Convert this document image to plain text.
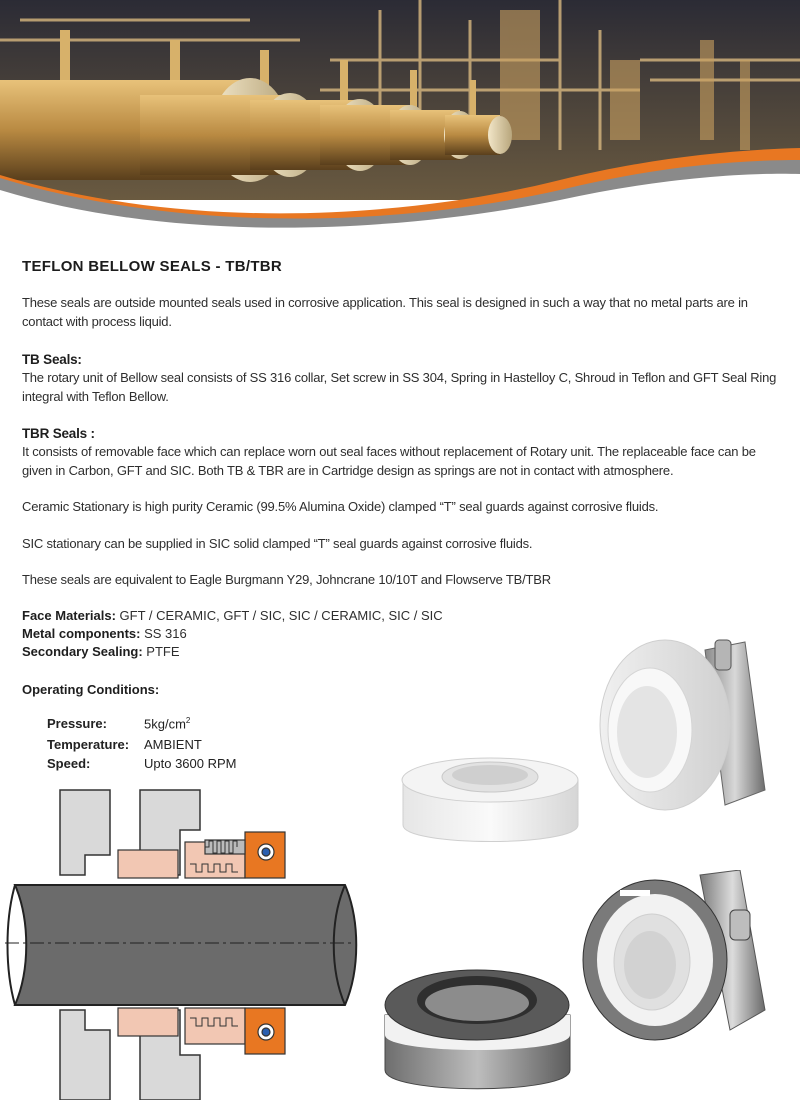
TEFLON BELLOW SEALS - TB/TBR

These seals are outside mounted seals used in corrosive application. This seal is designed in such a way that no metal parts are in contact with process liquid.

TB Seals:

The rotary unit of Bellow seal consists of SS 316 collar, Set screw in SS 304, Spring in Hastelloy C, Shroud in Teflon and GFT Seal Ring integral with Teflon Bellow.

TBR Seals :

It consists of removable face which can replace worn out seal faces without replacement of Rotary unit. The replaceable face can be given in Carbon, GFT and SIC. Both TB & TBR are in Cartridge design as springs are not in contact with atmosphere.

Ceramic Stationary is high purity Ceramic (99.5% Alumina Oxide) clamped “T” seal guards against corrosive fluids.

SIC stationary can be supplied in SIC solid clamped “T” seal guards against corrosive fluids.

These seals are equivalent to Eagle Burgmann Y29, Johncrane 10/10T and Flowserve TB/TBR

Face Materials: GFT / CERAMIC, GFT / SIC, SIC / CERAMIC, SIC / SIC
Metal components: SS 316
Secondary Sealing: PTFE
Operating Conditions:
Pressure:	$5kg/cm^2$
Temperature: AMBIENT
Speed:	Upto 3600 RPM
